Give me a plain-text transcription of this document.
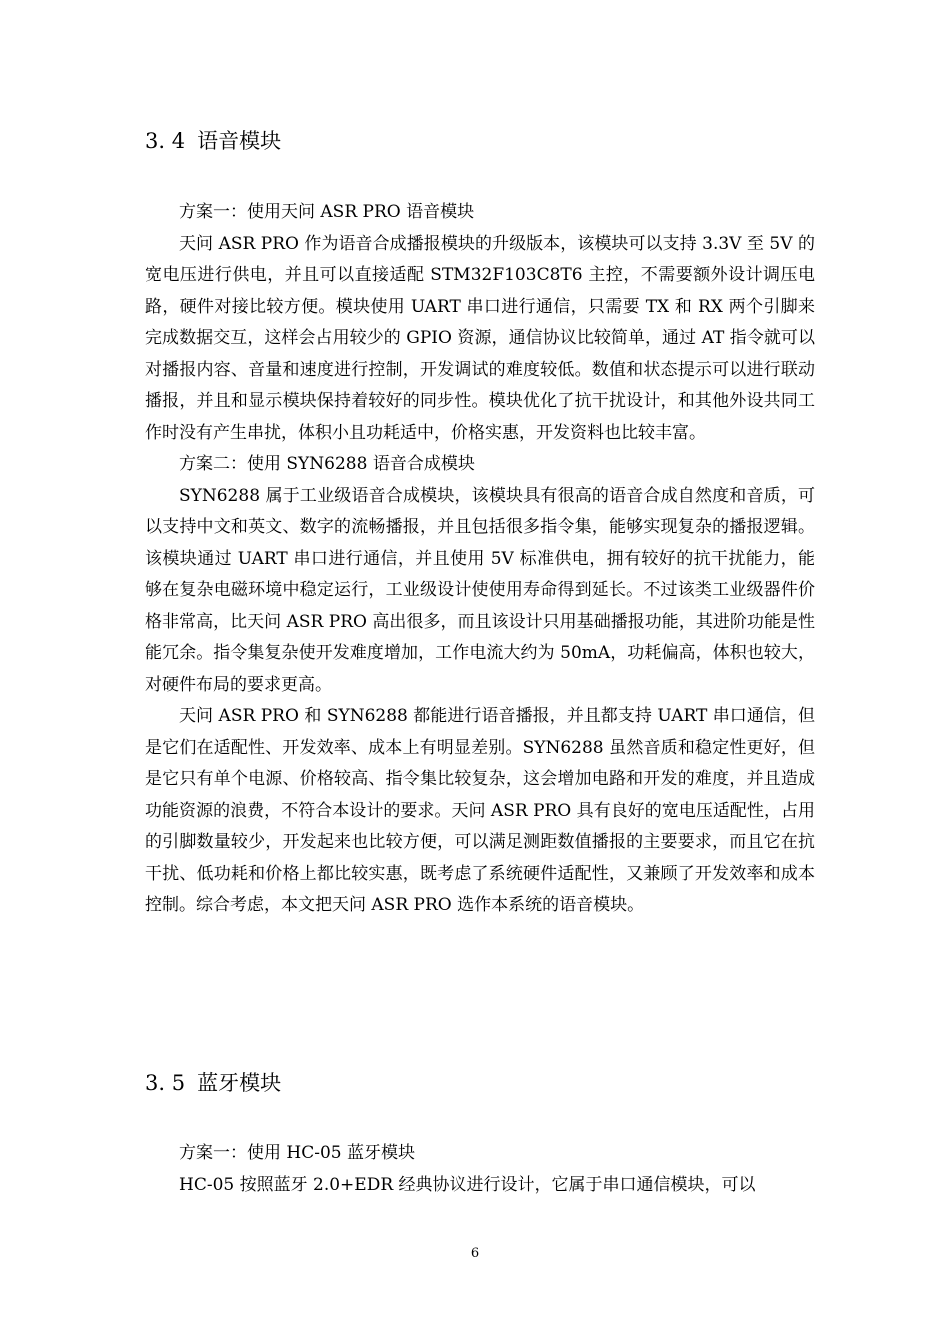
3. 4 语音模块

方案一：使用天问 ASR PRO 语音模块

天问 ASR PRO 作为语音合成播报模块的升级版本，该模块可以支持 3.3V 至 5V 的宽电压进行供电，并且可以直接适配 STM32F103C8T6 主控，不需要额外设计调压电路，硬件对接比较方便。模块使用 UART 串口进行通信，只需要 TX 和 RX 两个引脚来完成数据交互，这样会占用较少的 GPIO 资源，通信协议比较简单，通过 AT 指令就可以对播报内容、音量和速度进行控制，开发调试的难度较低。数值和状态提示可以进行联动播报，并且和显示模块保持着较好的同步性。模块优化了抗干扰设计，和其他外设共同工作时没有产生串扰，体积小且功耗适中，价格实惠，开发资料也比较丰富。

方案二：使用 SYN6288 语音合成模块

SYN6288 属于工业级语音合成模块，该模块具有很高的语音合成自然度和音质，可以支持中文和英文、数字的流畅播报，并且包括很多指令集，能够实现复杂的播报逻辑。该模块通过 UART 串口进行通信，并且使用 5V 标准供电，拥有较好的抗干扰能力，能够在复杂电磁环境中稳定运行，工业级设计使使用寿命得到延长。不过该类工业级器件价格非常高，比天问 ASR PRO 高出很多，而且该设计只用基础播报功能，其进阶功能是性能冗余。指令集复杂使开发难度增加，工作电流大约为 50mA，功耗偏高，体积也较大，对硬件布局的要求更高。

天问 ASR PRO 和 SYN6288 都能进行语音播报，并且都支持 UART 串口通信，但是它们在适配性、开发效率、成本上有明显差别。SYN6288 虽然音质和稳定性更好，但是它只有单个电源、价格较高、指令集比较复杂，这会增加电路和开发的难度，并且造成功能资源的浪费，不符合本设计的要求。天问 ASR PRO 具有良好的宽电压适配性，占用的引脚数量较少，开发起来也比较方便，可以满足测距数值播报的主要要求，而且它在抗干扰、低功耗和价格上都比较实惠，既考虑了系统硬件适配性，又兼顾了开发效率和成本控制。综合考虑，本文把天问 ASR PRO 选作本系统的语音模块。

3. 5 蓝牙模块

方案一：使用 HC-05 蓝牙模块

HC-05 按照蓝牙 2.0+EDR 经典协议进行设计，它属于串口通信模块，可以

6
